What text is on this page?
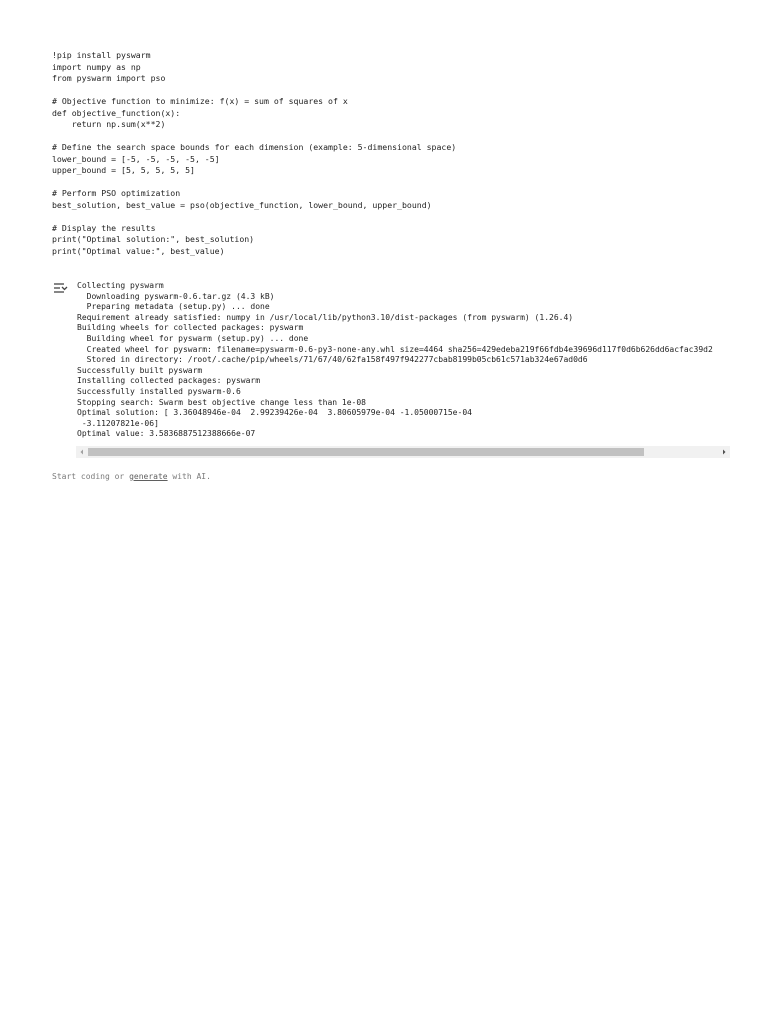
!pip install pyswarm
import numpy as np
from pyswarm import pso
# Objective function to minimize: f(x) = sum of squares of x
def objective_function(x):
return np.sum(x**2)
# Define the search space bounds for each dimension (example: 5-dimensional space)
lower_bound = [-5, -5, -5, -5, -5]
upper_bound = [5, 5, 5, 5, 5]
# Perform PSO optimization
best_solution, best_value = pso(objective_function, lower_bound, upper_bound)
# Display the results
print("Optimal solution:", best_solution)
print("Optimal value:", best_value)
Collecting pyswarm
Downloading pyswarm-0.6.tar.gz (4.3 kB)
Preparing metadata (setup.py) ... done
Requirement already satisfied: numpy in /usr/local/lib/python3.10/dist-packages (from pyswarm) (1.26.4)
Building wheels for collected packages: pyswarm
Building wheel for pyswarm (setup.py) ... done
Created wheel for pyswarm: filename=pyswarm-0.6-py3-none-any.whl size=4464 sha256=429edeba219f66fdb4e39696d117f0d6b626dd6acfac39d2
Stored in directory: /root/.cache/pip/wheels/71/67/40/62fa158f497f942277cbab8199b05cb61c571ab324e67ad0d6
Successfully built pyswarm
Installing collected packages: pyswarm
Successfully installed pyswarm-0.6
Stopping search: Swarm best objective change less than 1e-08
Optimal solution: [ 3.36048946e-04  2.99239426e-04  3.80605979e-04 -1.05000715e-04
-3.11207821e-06]
Optimal value: 3.5836887512388666e-07
Start coding or generate with AI.
